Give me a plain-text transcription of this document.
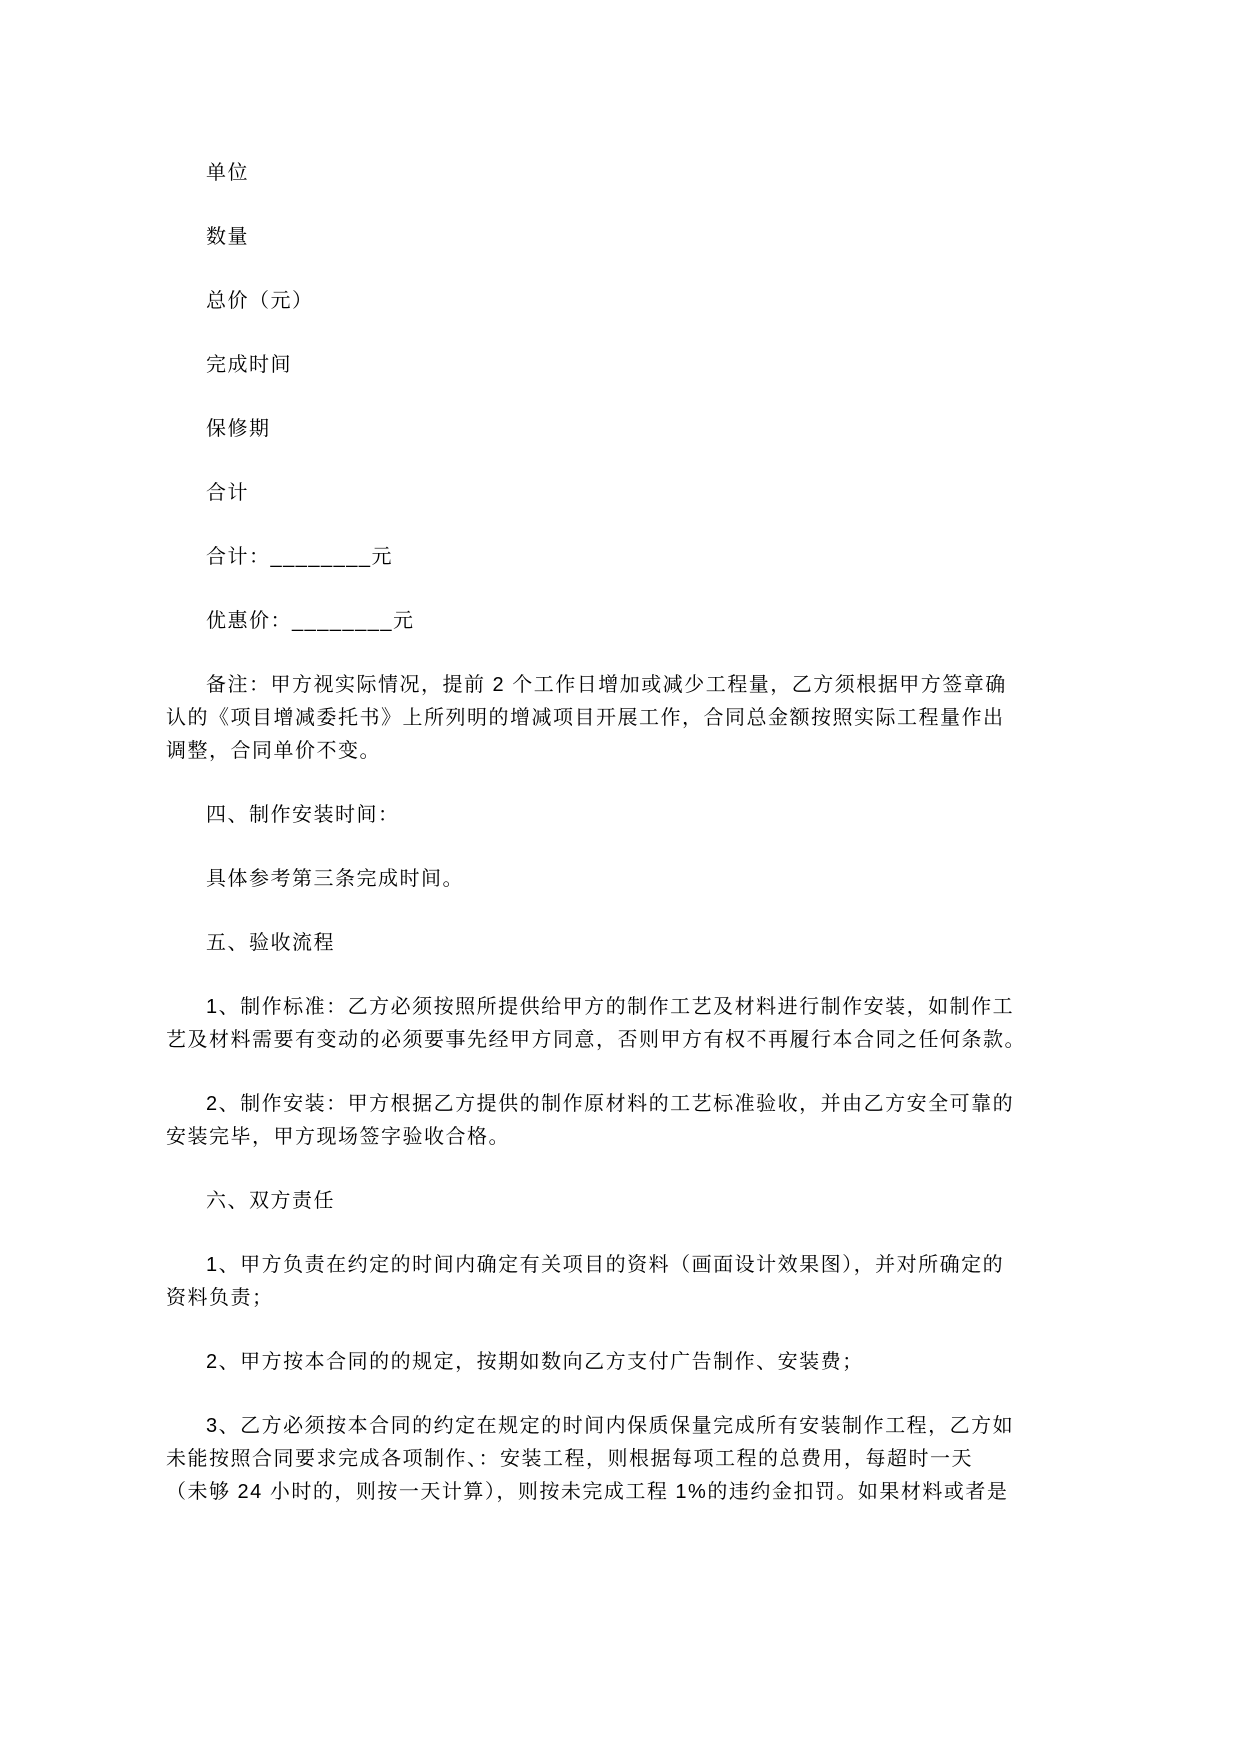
单位

数量

总价（元）

完成时间

保修期

合计

合计：________元

优惠价：________元

备注：甲方视实际情况，提前 2 个工作日增加或减少工程量，乙方须根据甲方签章确
认的《项目增减委托书》上所列明的增减项目开展工作，合同总金额按照实际工程量作出
调整，合同单价不变。

四、制作安装时间：

具体参考第三条完成时间。

五、验收流程

1、制作标准：乙方必须按照所提供给甲方的制作工艺及材料进行制作安装，如制作工
艺及材料需要有变动的必须要事先经甲方同意，否则甲方有权不再履行本合同之任何条款。

2、制作安装：甲方根据乙方提供的制作原材料的工艺标准验收，并由乙方安全可靠的
安装完毕，甲方现场签字验收合格。

六、双方责任

1、甲方负责在约定的时间内确定有关项目的资料（画面设计效果图），并对所确定的
资料负责；

2、甲方按本合同的的规定，按期如数向乙方支付广告制作、安装费；

3、乙方必须按本合同的约定在规定的时间内保质保量完成所有安装制作工程，乙方如
未能按照合同要求完成各项制作、：安装工程，则根据每项工程的总费用，每超时一天
（未够 24 小时的，则按一天计算），则按未完成工程 1%的违约金扣罚。如果材料或者是
